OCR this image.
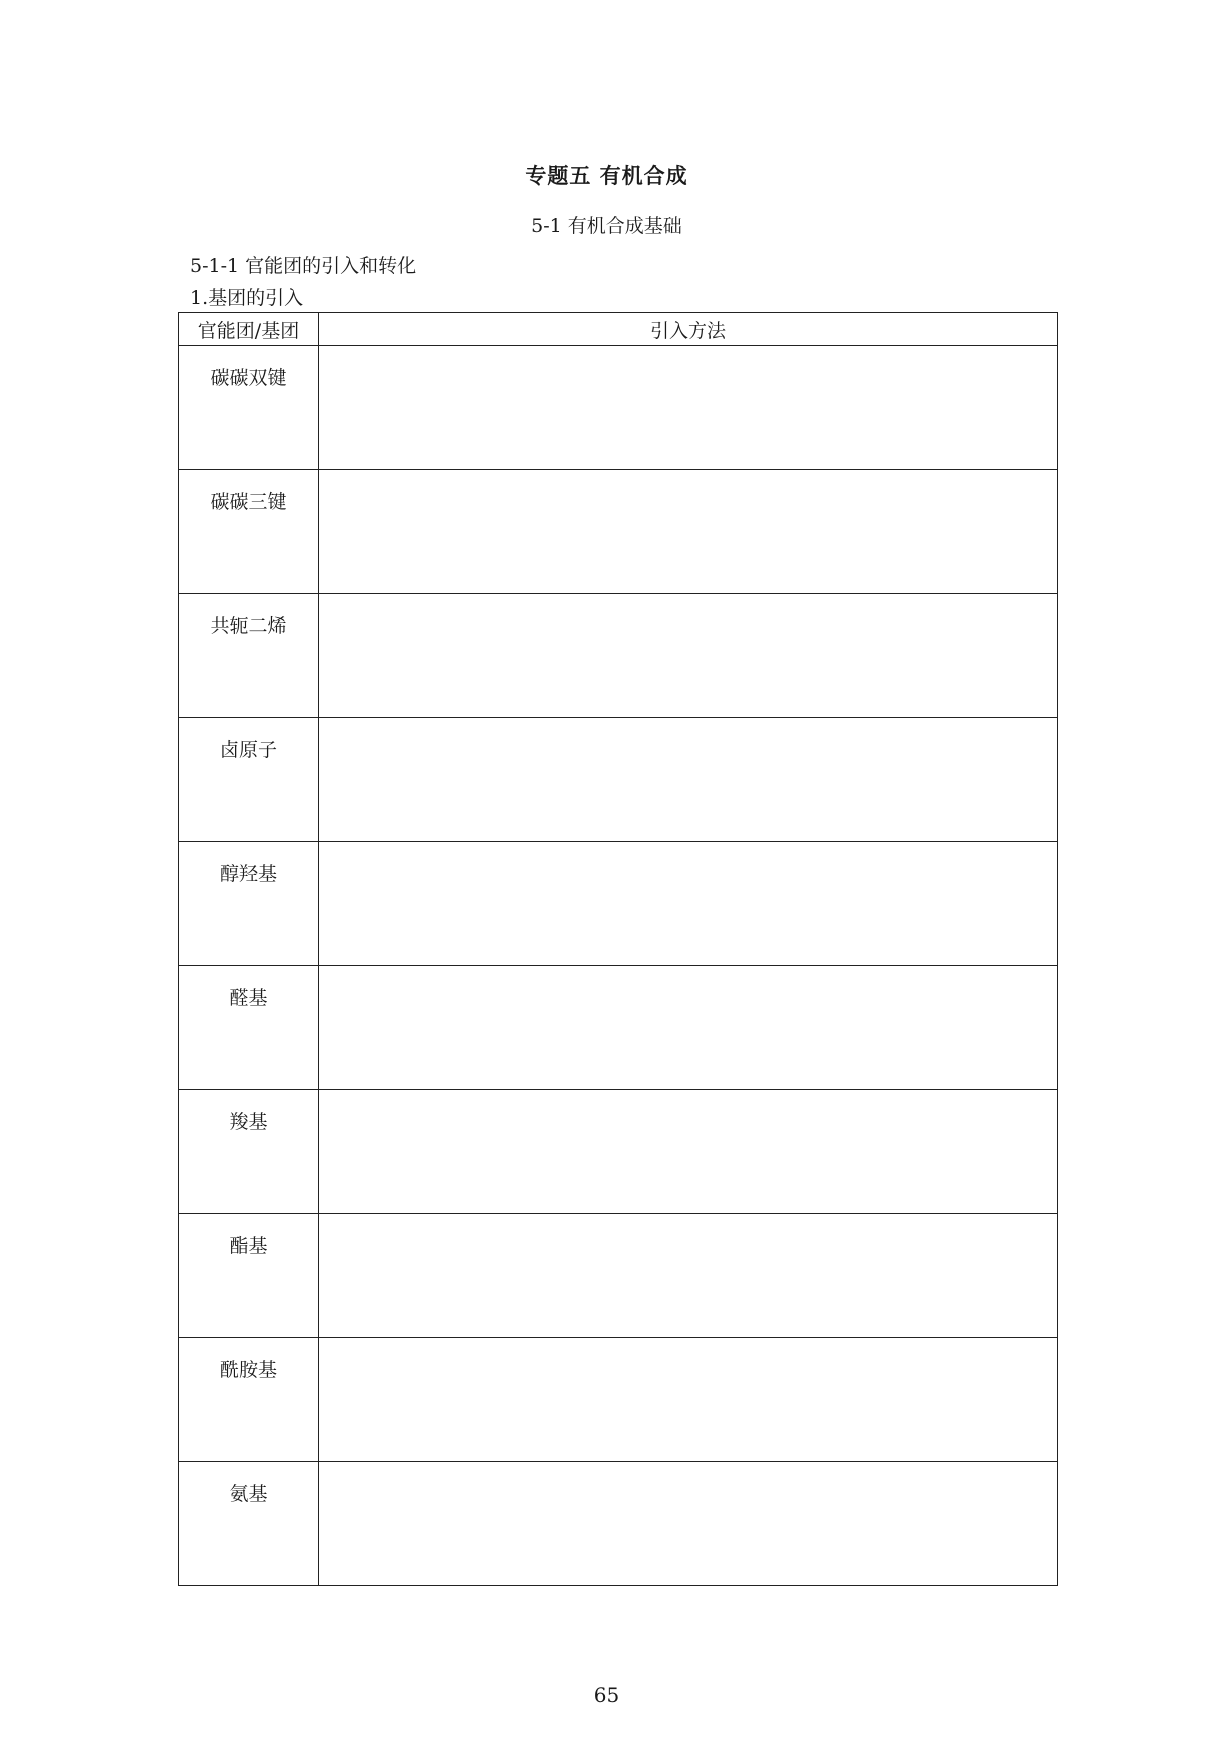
专题五 有机合成
5-1 有机合成基础
5-1-1 官能团的引入和转化
1.基团的引入
官能团/基团	引入方法

碳碳双键	

碳碳三键	

共轭二烯	

卤原子	

醇羟基	

醛基	

羧基	

酯基	

酰胺基	

氨基	

65
